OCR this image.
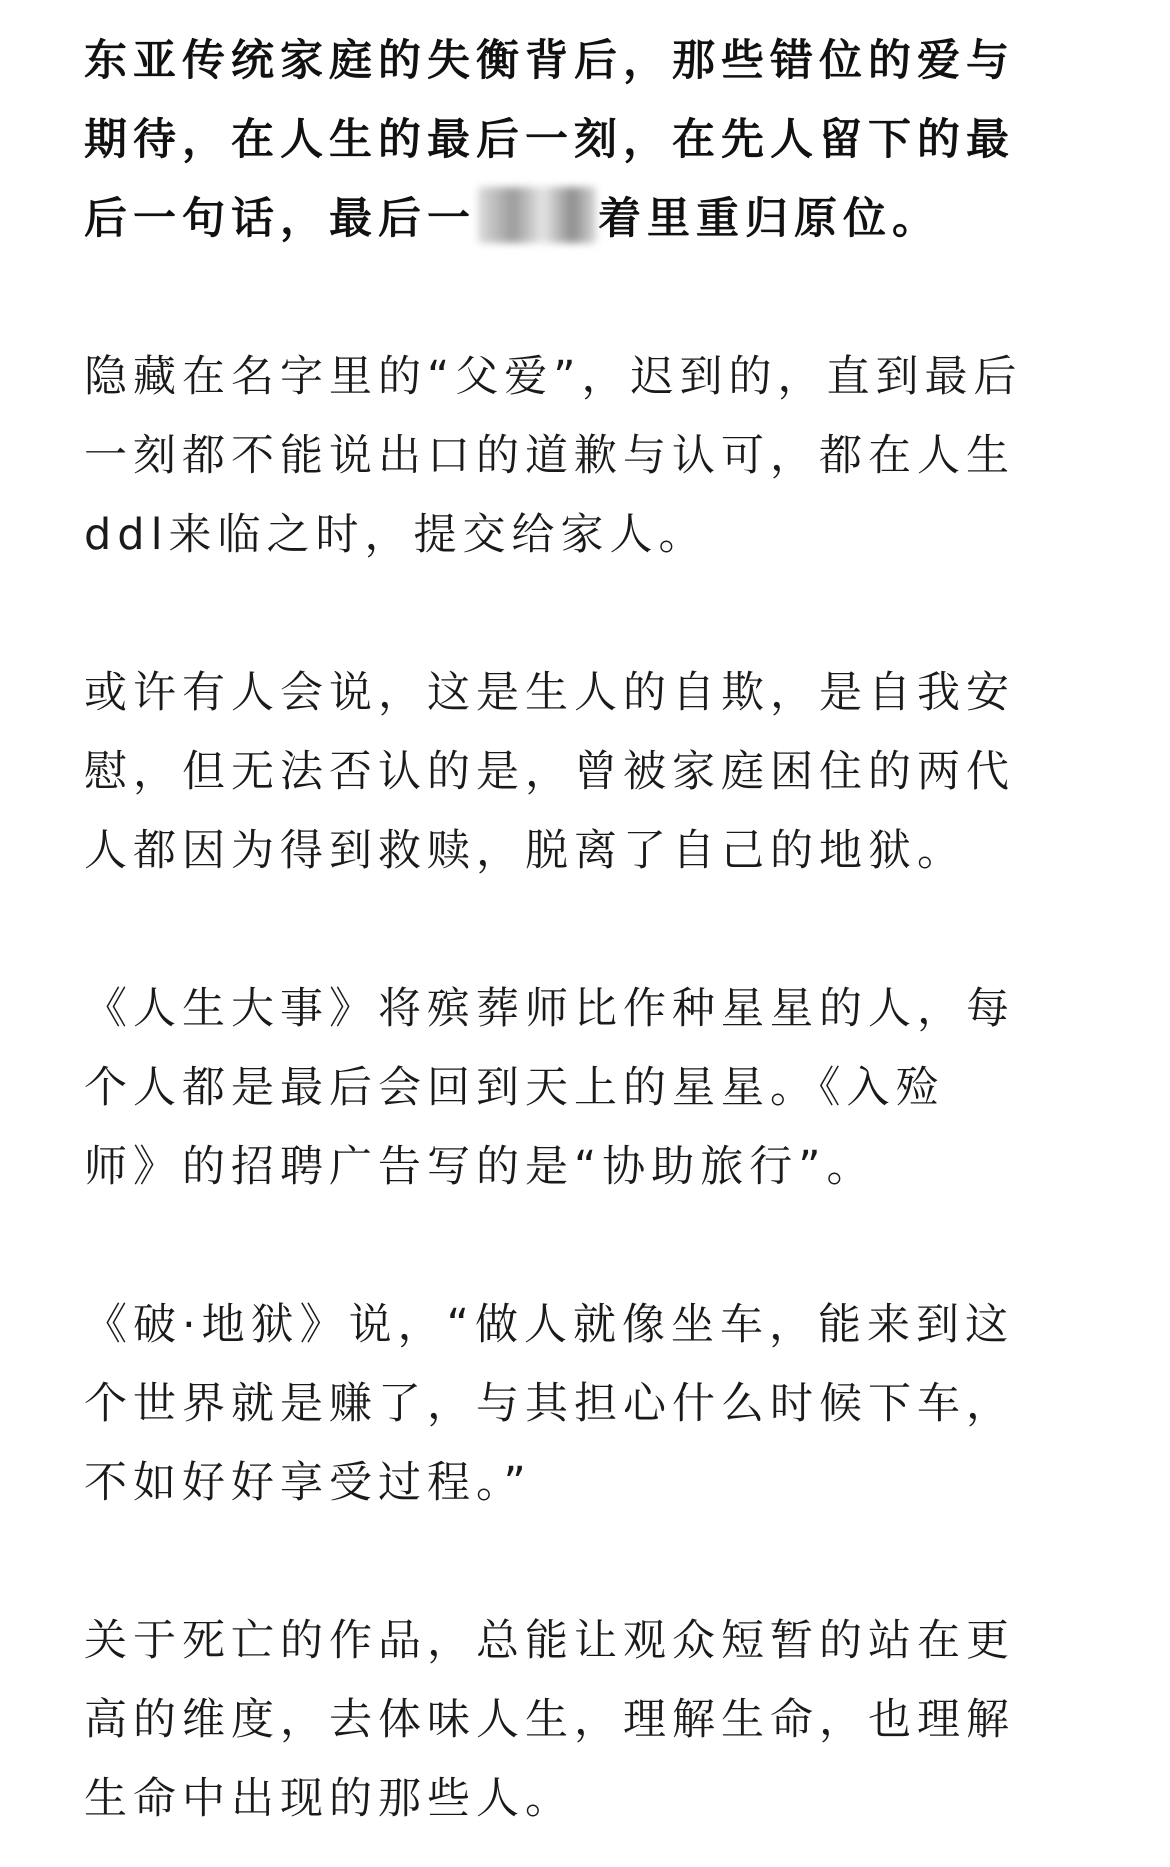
东亚传统家庭的失衡背后，那些错位的爱与
期待，在人生的最后一刻，在先人留下的最
后一句话，最后一	着里重归原位。

隐藏在名字里的“父爱”，迟到的，直到最后
一刻都不能说出口的道歉与认可，都在人生
ddl来临之时，提交给家人。

或许有人会说，这是生人的自欺，是自我安
慰，但无法否认的是，曾被家庭困住的两代
人都因为得到救赎，脱离了自己的地狱。

《人生大事》将殡葬师比作种星星的人，每
个人都是最后会回到天上的星星。《入殓
师》的招聘广告写的是“协助旅行”。

《破·地狱》说，“做人就像坐车，能来到这
个世界就是赚了，与其担心什么时候下车，
不如好好享受过程。”

关于死亡的作品，总能让观众短暂的站在更
高的维度，去体味人生，理解生命，也理解
生命中出现的那些人。
